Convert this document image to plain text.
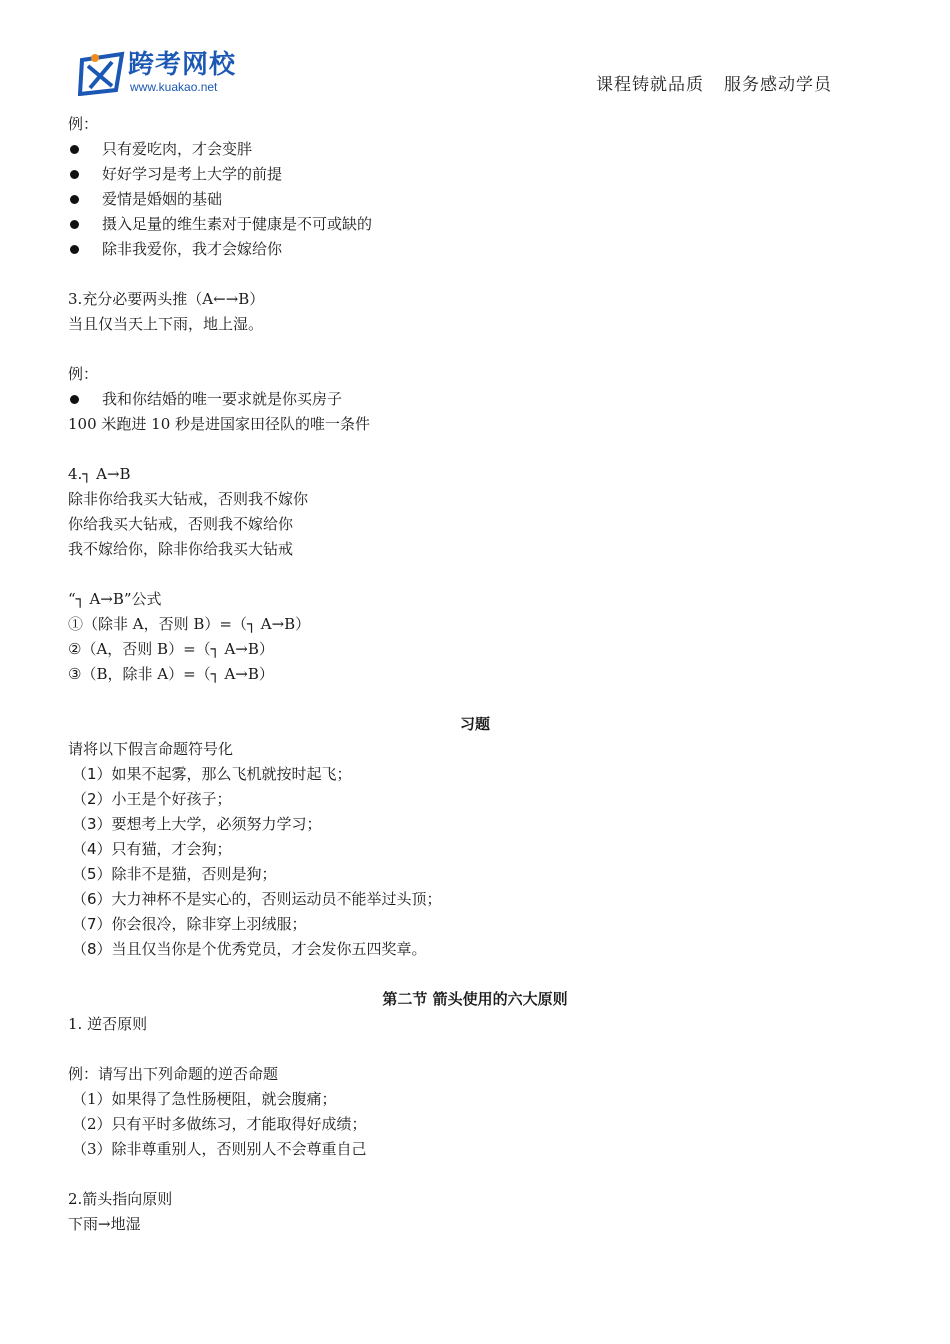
跨考网校
www.kuakao.net	课程铸就品质 服务感动学员
例：
只有爱吃肉，才会变胖
好好学习是考上大学的前提
爱情是婚姻的基础
摄入足量的维生素对于健康是不可或缺的
除非我爱你，我才会嫁给你
3.充分必要两头推（A←→B）
当且仅当天上下雨，地上湿。
例：
我和你结婚的唯一要求就是你买房子
100 米跑进 10 秒是进国家田径队的唯一条件
4.┐ A→B
除非你给我买大钻戒，否则我不嫁你
你给我买大钻戒，否则我不嫁给你
我不嫁给你，除非你给我买大钻戒
“┐ A→B”公式
①（除非 A，否则 B）=（┐ A→B）
②（A，否则 B）=（┐ A→B）
③（B，除非 A）=（┐ A→B）
习题
请将以下假言命题符号化
（1）如果不起雾，那么飞机就按时起飞；
（2）小王是个好孩子；
（3）要想考上大学，必须努力学习；
（4）只有猫，才会狗；
（5）除非不是猫，否则是狗；
（6）大力神杯不是实心的，否则运动员不能举过头顶；
（7）你会很冷，除非穿上羽绒服；
（8）当且仅当你是个优秀党员，才会发你五四奖章。
第二节 箭头使用的六大原则
1. 逆否原则
例：请写出下列命题的逆否命题
（1）如果得了急性肠梗阻，就会腹痛；
（2）只有平时多做练习，才能取得好成绩；
（3）除非尊重别人，否则别人不会尊重自己
2.箭头指向原则
下雨→地湿
